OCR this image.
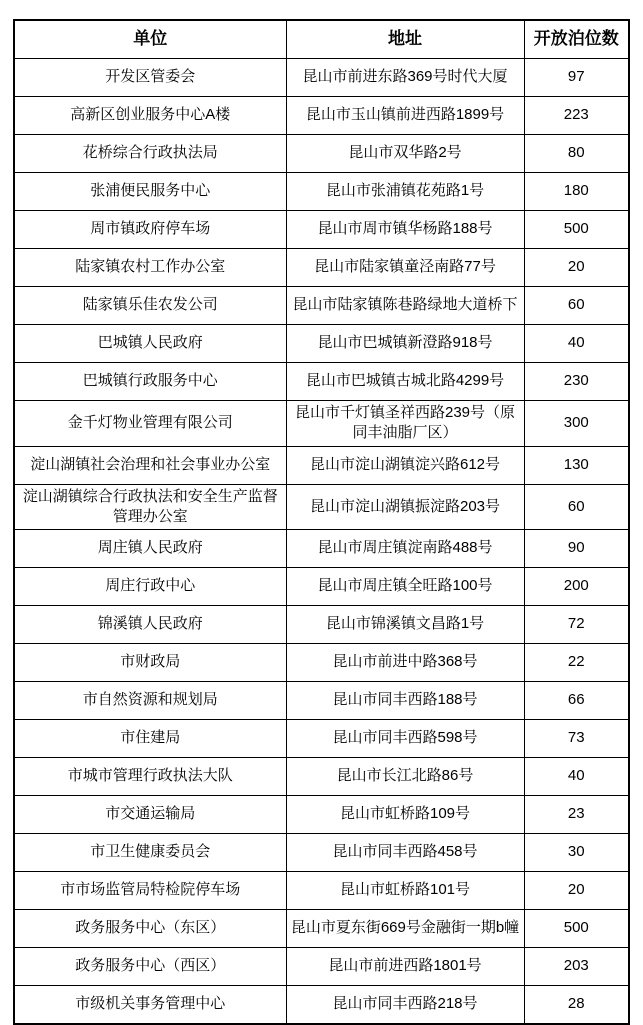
单位	地址	开放泊位数
开发区管委会	昆山市前进东路369号时代大厦	97
高新区创业服务中心A楼	昆山市玉山镇前进西路1899号	223
花桥综合行政执法局	昆山市双华路2号	80
张浦便民服务中心	昆山市张浦镇花苑路1号	180
周市镇政府停车场	昆山市周市镇华杨路188号	500
陆家镇农村工作办公室	昆山市陆家镇童泾南路77号	20
陆家镇乐佳农发公司	昆山市陆家镇陈巷路绿地大道桥下	60
巴城镇人民政府	昆山市巴城镇新澄路918号	40
巴城镇行政服务中心	昆山市巴城镇古城北路4299号	230
金千灯物业管理有限公司	昆山市千灯镇圣祥西路239号（原同丰油脂厂区）	300
淀山湖镇社会治理和社会事业办公室	昆山市淀山湖镇淀兴路612号	130
淀山湖镇综合行政执法和安全生产监督管理办公室	昆山市淀山湖镇振淀路203号	60
周庄镇人民政府	昆山市周庄镇淀南路488号	90
周庄行政中心	昆山市周庄镇全旺路100号	200
锦溪镇人民政府	昆山市锦溪镇文昌路1号	72
市财政局	昆山市前进中路368号	22
市自然资源和规划局	昆山市同丰西路188号	66
市住建局	昆山市同丰西路598号	73
市城市管理行政执法大队	昆山市长江北路86号	40
市交通运输局	昆山市虹桥路109号	23
市卫生健康委员会	昆山市同丰西路458号	30
市市场监管局特检院停车场	昆山市虹桥路101号	20
政务服务中心（东区）	昆山市夏东街669号金融街一期b幢	500
政务服务中心（西区）	昆山市前进西路1801号	203
市级机关事务管理中心	昆山市同丰西路218号	28
